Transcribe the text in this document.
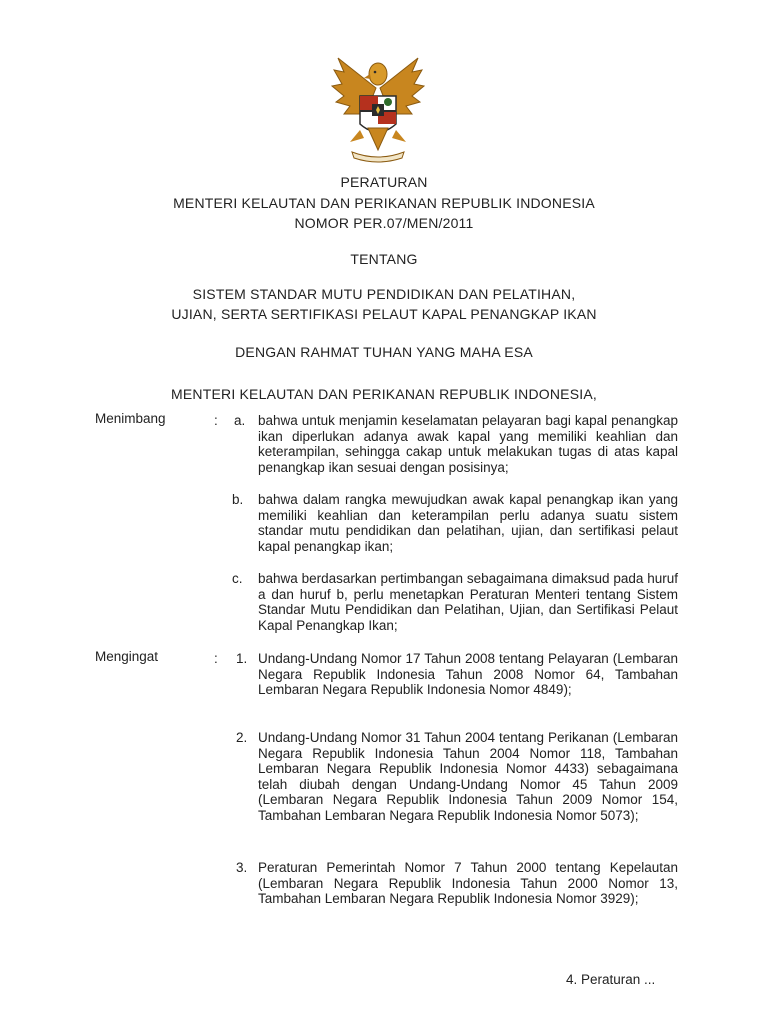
PERATURAN
MENTERI KELAUTAN DAN PERIKANAN REPUBLIK INDONESIA
NOMOR PER.07/MEN/2011
TENTANG
SISTEM STANDAR MUTU PENDIDIKAN DAN PELATIHAN,
UJIAN, SERTA SERTIFIKASI PELAUT KAPAL PENANGKAP IKAN
DENGAN RAHMAT TUHAN YANG MAHA ESA
MENTERI KELAUTAN DAN PERIKANAN REPUBLIK INDONESIA,
Menimbang	: a. bahwa untuk menjamin keselamatan pelayaran bagi kapal penangkap ikan diperlukan adanya awak kapal yang memiliki keahlian dan keterampilan, sehingga cakap untuk melakukan tugas di atas kapal penangkap ikan sesuai dengan posisinya;
b. bahwa dalam rangka mewujudkan awak kapal penangkap ikan yang memiliki keahlian dan keterampilan perlu adanya suatu sistem standar mutu pendidikan dan pelatihan, ujian, dan sertifikasi pelaut kapal penangkap ikan;
c. bahwa berdasarkan pertimbangan sebagaimana dimaksud pada huruf a dan huruf b, perlu menetapkan Peraturan Menteri tentang Sistem Standar Mutu Pendidikan dan Pelatihan, Ujian, dan Sertifikasi Pelaut Kapal Penangkap Ikan;
Mengingat	: 1. Undang-Undang Nomor 17 Tahun 2008 tentang Pelayaran (Lembaran Negara Republik Indonesia Tahun 2008 Nomor 64, Tambahan Lembaran Negara Republik Indonesia Nomor 4849);
2. Undang-Undang Nomor 31 Tahun 2004 tentang Perikanan (Lembaran Negara Republik Indonesia Tahun 2004 Nomor 118, Tambahan Lembaran Negara Republik Indonesia Nomor 4433) sebagaimana telah diubah dengan Undang-Undang Nomor 45 Tahun 2009 (Lembaran Negara Republik Indonesia Tahun 2009 Nomor 154, Tambahan Lembaran Negara Republik Indonesia Nomor 5073);
3. Peraturan Pemerintah Nomor 7 Tahun 2000 tentang Kepelautan (Lembaran Negara Republik Indonesia Tahun 2000 Nomor 13, Tambahan Lembaran Negara Republik Indonesia Nomor 3929);
4. Peraturan ...
